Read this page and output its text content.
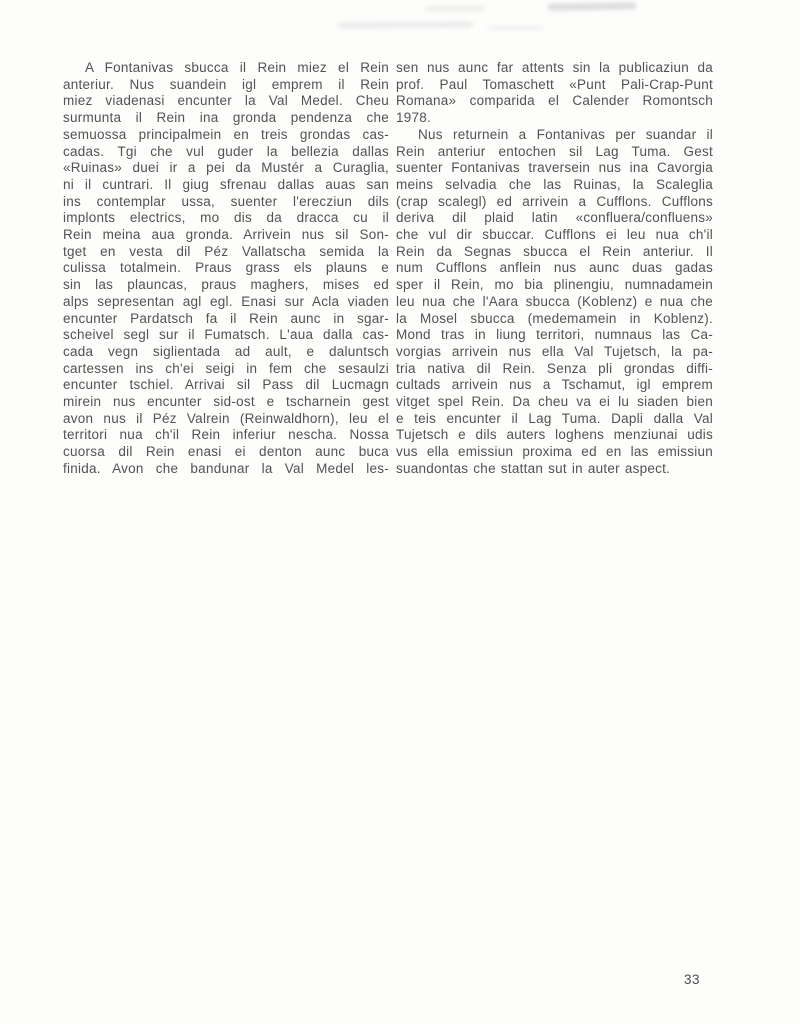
A Fontanivas sbucca il Rein miez el Rein
anteriur. Nus suandein igl emprem il Rein
miez viadenasi encunter la Val Medel. Cheu
surmunta il Rein ina gronda pendenza che
semuossa principalmein en treis grondas cas-
cadas. Tgi che vul guder la bellezia dallas
«Ruinas» duei ir a pei da Mustér a Curaglia,
ni il cuntrari. Il giug sfrenau dallas auas san
ins contemplar ussa, suenter l'erecziun dils
implonts electrics, mo dis da dracca cu il
Rein meina aua gronda. Arrivein nus sil Son-
tget en vesta dil Péz Vallatscha semida la
culissa totalmein. Praus grass els plauns e
sin las plauncas, praus maghers, mises ed
alps sepresentan agl egl. Enasi sur Acla viaden
encunter Pardatsch fa il Rein aunc in sgar-
scheivel segl sur il Fumatsch. L'aua dalla cas-
cada vegn siglientada ad ault, e daluntsch
cartessen ins ch'ei seigi in fem che sesaulzi
encunter tschiel. Arrivai sil Pass dil Lucmagn
mirein nus encunter sid-ost e tscharnein gest
avon nus il Péz Valrein (Reinwaldhorn), leu el
territori nua ch'il Rein inferiur nescha. Nossa
cuorsa dil Rein enasi ei denton aunc buca
finida. Avon che bandunar la Val Medel les-
sen nus aunc far attents sin la publicaziun da
prof. Paul Tomaschett «Punt Pali-Crap-Punt
Romana» comparida el Calender Romontsch
1978.
Nus returnein a Fontanivas per suandar il
Rein anteriur entochen sil Lag Tuma. Gest
suenter Fontanivas traversein nus ina Cavorgia
meins selvadia che las Ruinas, la Scaleglia
(crap scalegl) ed arrivein a Cufflons. Cufflons
deriva dil plaid latin «confluera/confluens»
che vul dir sbuccar. Cufflons ei leu nua ch'il
Rein da Segnas sbucca el Rein anteriur. Il
num Cufflons anflein nus aunc duas gadas
sper il Rein, mo bia plinengiu, numnadamein
leu nua che l'Aara sbucca (Koblenz) e nua che
la Mosel sbucca (medemamein in Koblenz).
Mond tras in liung territori, numnaus las Ca-
vorgias arrivein nus ella Val Tujetsch, la pa-
tria nativa dil Rein. Senza pli grondas diffi-
cultads arrivein nus a Tschamut, igl emprem
vitget spel Rein. Da cheu va ei lu siaden bien
e teis encunter il Lag Tuma. Dapli dalla Val
Tujetsch e dils auters loghens menziunai udis
vus ella emissiun proxima ed en las emissiun
suandontas che stattan sut in auter aspect.
33
